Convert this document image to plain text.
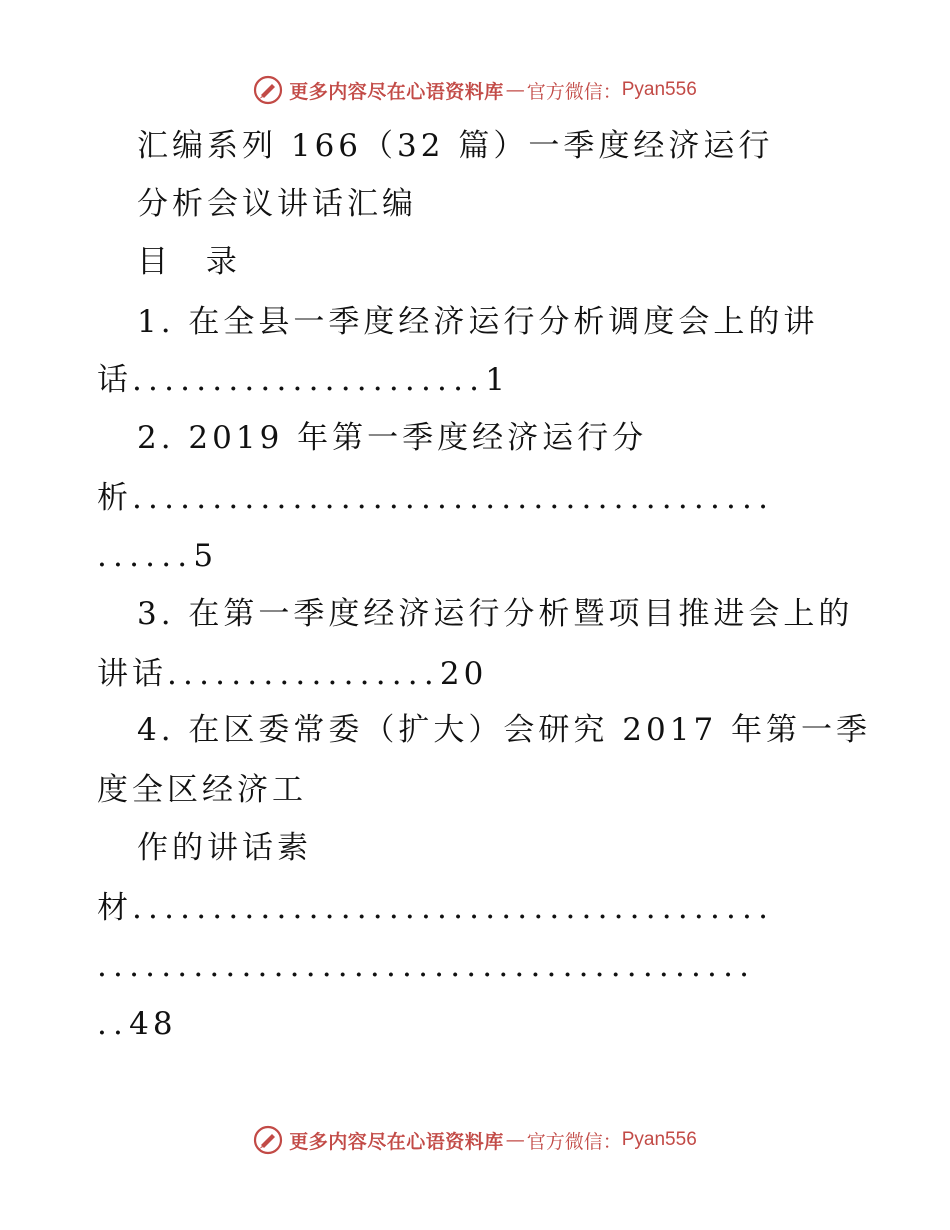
更多内容尽在心语资料库 — 官方微信： Pyan556
汇编系列 166（32 篇）一季度经济运行
分析会议讲话汇编
目 录
1. 在全县一季度经济运行分析调度会上的讲
话......................1
2. 2019 年第一季度经济运行分
析........................................
......5
3. 在第一季度经济运行分析暨项目推进会上的
讲话.................20
4. 在区委常委（扩大）会研究 2017 年第一季
度全区经济工
作的讲话素
材........................................
.........................................
..48
更多内容尽在心语资料库 — 官方微信： Pyan556
